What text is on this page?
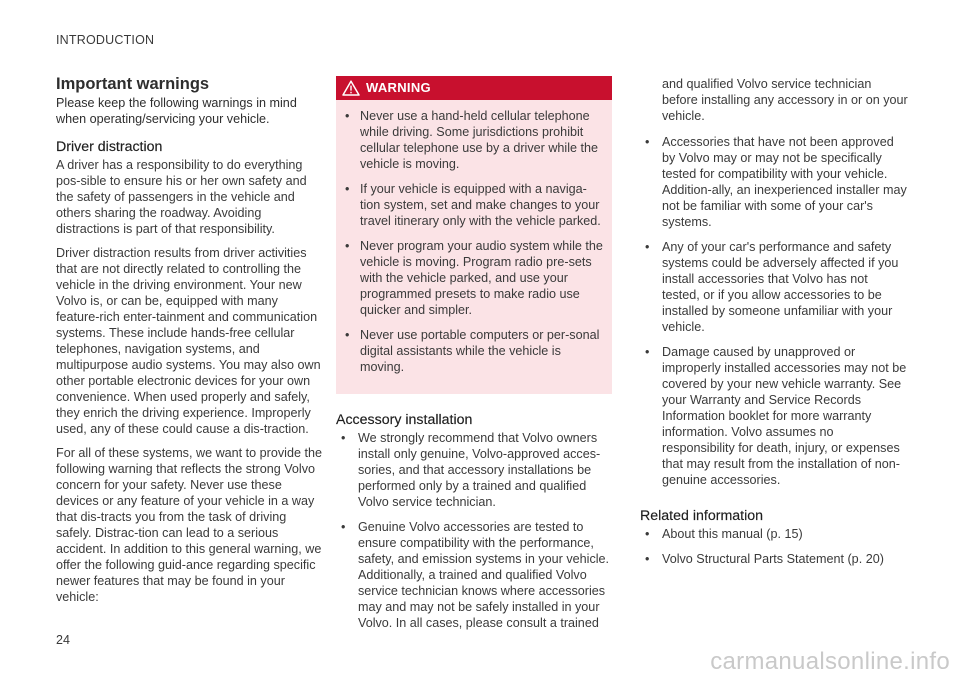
INTRODUCTION
Important warnings

Please keep the following warnings in mind when operating/servicing your vehicle.

Driver distraction

A driver has a responsibility to do everything pos-sible to ensure his or her own safety and the safety of passengers in the vehicle and others sharing the roadway. Avoiding distractions is part of that responsibility.

Driver distraction results from driver activities that are not directly related to controlling the vehicle in the driving environment. Your new Volvo is, or can be, equipped with many feature-rich enter-tainment and communication systems. These include hands-free cellular telephones, navigation systems, and multipurpose audio systems. You may also own other portable electronic devices for your own convenience. When used properly and safely, they enrich the driving experience. Improperly used, any of these could cause a dis-traction.

For all of these systems, we want to provide the following warning that reflects the strong Volvo concern for your safety. Never use these devices or any feature of your vehicle in a way that dis-tracts you from the task of driving safely. Distrac-tion can lead to a serious accident. In addition to this general warning, we offer the following guid-ance regarding specific newer features that may be found in your vehicle:

WARNING
• Never use a hand-held cellular telephone while driving. Some jurisdictions prohibit cellular telephone use by a driver while the vehicle is moving.
• If your vehicle is equipped with a naviga-tion system, set and make changes to your travel itinerary only with the vehicle parked.
• Never program your audio system while the vehicle is moving. Program radio pre-sets with the vehicle parked, and use your programmed presets to make radio use quicker and simpler.
• Never use portable computers or per-sonal digital assistants while the vehicle is moving.
Accessory installation
• We strongly recommend that Volvo owners install only genuine, Volvo-approved acces-sories, and that accessory installations be performed only by a trained and qualified Volvo service technician.
• Genuine Volvo accessories are tested to ensure compatibility with the performance, safety, and emission systems in your vehicle. Additionally, a trained and qualified Volvo service technician knows where accessories may and may not be safely installed in your Volvo. In all cases, please consult a trained

and qualified Volvo service technician before installing any accessory in or on your vehicle.

• Accessories that have not been approved by Volvo may or may not be specifically tested for compatibility with your vehicle. Addition-ally, an inexperienced installer may not be familiar with some of your car's systems.
• Any of your car's performance and safety systems could be adversely affected if you install accessories that Volvo has not tested, or if you allow accessories to be installed by someone unfamiliar with your vehicle.
• Damage caused by unapproved or improperly installed accessories may not be covered by your new vehicle warranty. See your Warranty and Service Records Information booklet for more warranty information. Volvo assumes no responsibility for death, injury, or expenses that may result from the installation of non-genuine accessories.
Related information
• About this manual (p. 15)
• Volvo Structural Parts Statement (p. 20)
24
carmanualsonline.info
